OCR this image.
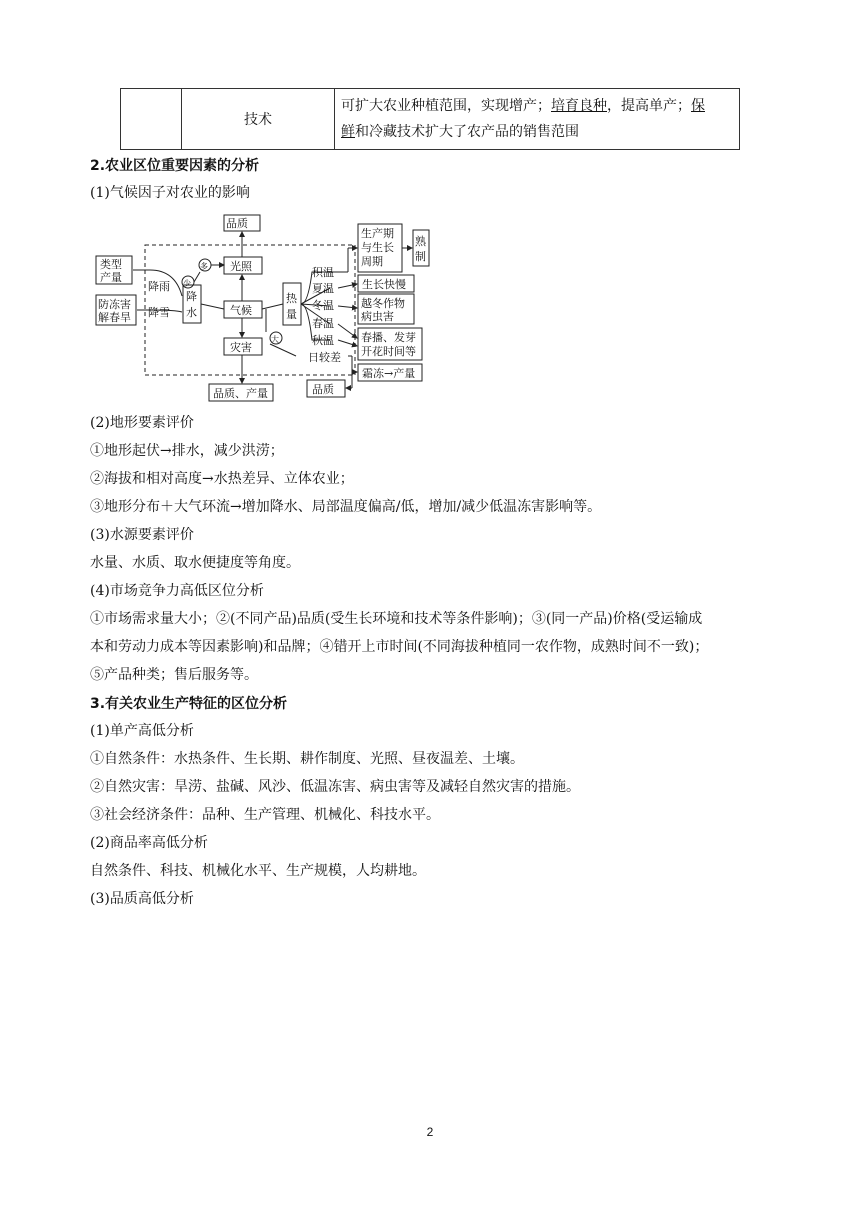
	技术	可扩大农业种植范围，实现增产；培育良种，提高单产；保
鲜和冷藏技术扩大了农产品的销售范围
2.农业区位重要因素的分析
(1)气候因子对农业的影响
品质
类型
产量
防冻害
解春旱
降雨
降雪
降
水
多
少
大
光照
气候
灾害
品质、产量
热
量
积温
夏温
冬温
春温
秋温
日较差
生产期
与生长
周期
熟
制
生长快慢
越冬作物
病虫害
春播、发芽
开花时间等
品质
霜冻→产量
(2)地形要素评价
①地形起伏→排水，减少洪涝；
②海拔和相对高度→水热差异、立体农业；
③地形分布＋大气环流→增加降水、局部温度偏高/低，增加/减少低温冻害影响等。
(3)水源要素评价
水量、水质、取水便捷度等角度。
(4)市场竞争力高低区位分析
①市场需求量大小；②(不同产品)品质(受生长环境和技术等条件影响)；③(同一产品)价格(受运输成
本和劳动力成本等因素影响)和品牌；④错开上市时间(不同海拔种植同一农作物，成熟时间不一致)；
⑤产品种类；售后服务等。
3.有关农业生产特征的区位分析
(1)单产高低分析
①自然条件：水热条件、生长期、耕作制度、光照、昼夜温差、土壤。
②自然灾害：旱涝、盐碱、风沙、低温冻害、病虫害等及减轻自然灾害的措施。
③社会经济条件：品种、生产管理、机械化、科技水平。
(2)商品率高低分析
自然条件、科技、机械化水平、生产规模，人均耕地。
(3)品质高低分析
2
